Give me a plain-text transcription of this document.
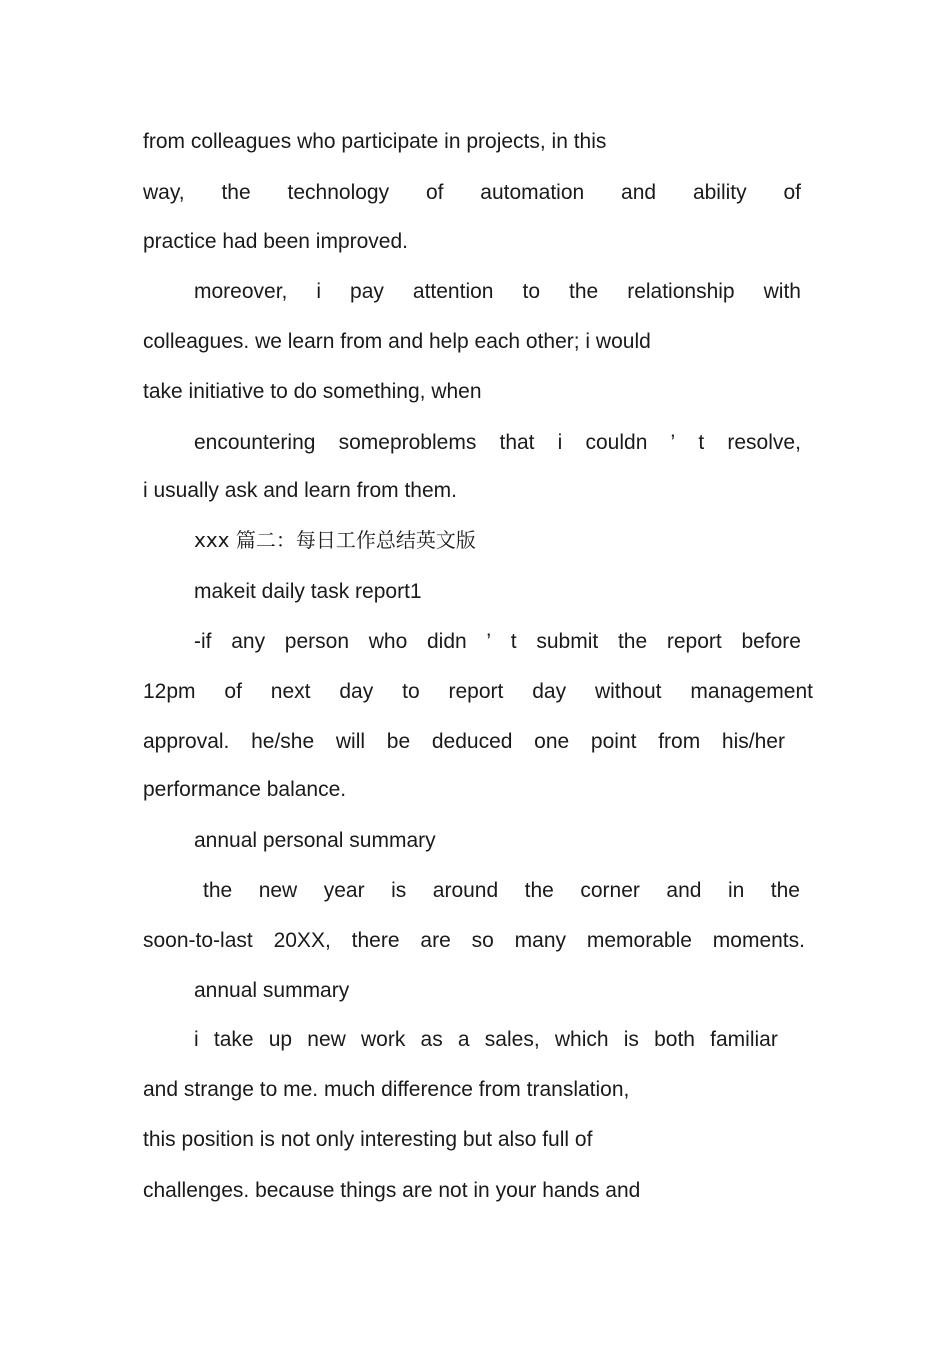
from colleagues who participate in projects, in this
way, the technology of automation and ability of
practice had been improved.
moreover, i pay attention to the relationship with
colleagues. we learn from and help each other; i would
take initiative to do something, when
encountering someproblems that i couldn ’ t resolve,
i usually ask and learn from them.
xxx 篇二：每日工作总结英文版
makeit daily task report1
-if any person who didn ’ t submit the report before
12pm of next day to report day without management
approval. he/she will be deduced one point from his/her
performance balance.
annual personal summary
the new year is around the corner and in the
soon-to-last 20XX, there are so many memorable moments.
annual summary
i take up new work as a sales, which is both familiar
and strange to me. much difference from translation,
this position is not only interesting but also full of
challenges. because things are not in your hands and
